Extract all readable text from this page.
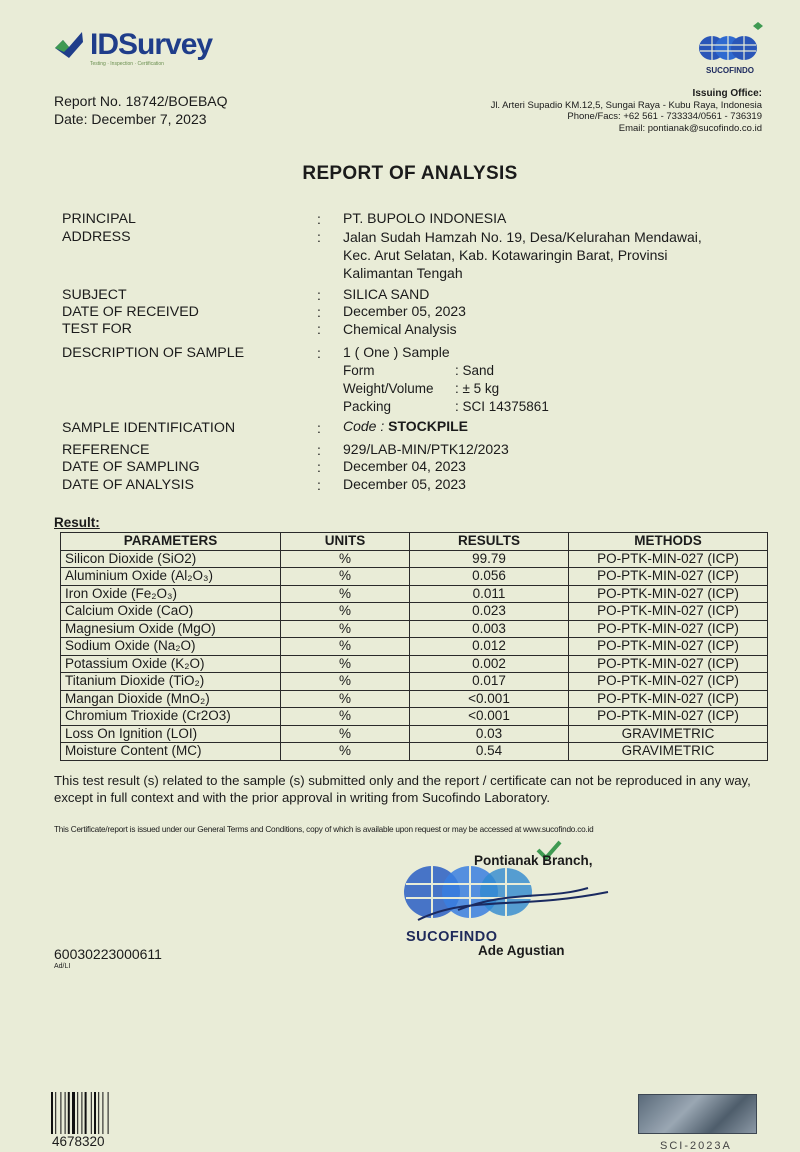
IDSurvey
Testing · Inspection · Certification
SUCOFINDO
Report No. 18742/BOEBAQ
Date: December 7, 2023
Issuing Office:
Jl. Arteri Supadio KM.12,5, Sungai Raya - Kubu Raya, Indonesia
Phone/Facs: +62 561 - 733334/0561 - 736319
Email: pontianak@sucofindo.co.id
REPORT OF ANALYSIS
PRINCIPAL	: PT. BUPOLO INDONESIA
ADDRESS	: Jalan Sudah Hamzah No. 19, Desa/Kelurahan Mendawai,
Kec. Arut Selatan, Kab. Kotawaringin Barat, Provinsi
Kalimantan Tengah
SUBJECT	: SILICA SAND
DATE OF RECEIVED	: December 05, 2023
TEST FOR	: Chemical Analysis
DESCRIPTION OF SAMPLE	: 1 ( One ) Sample
Form	: Sand
Weight/Volume	: ± 5 kg
Packing	: SCI 14375861
SAMPLE IDENTIFICATION	: Code : STOCKPILE
REFERENCE	: 929/LAB-MIN/PTK12/2023
DATE OF SAMPLING	: December 04, 2023
DATE OF ANALYSIS	: December 05, 2023
Result:
PARAMETERS	UNITS	RESULTS	METHODS
Silicon Dioxide (SiO2)	%	99.79	PO-PTK-MIN-027 (ICP)
Aluminium Oxide (Al₂O₃)	%	0.056	PO-PTK-MIN-027 (ICP)
Iron Oxide (Fe₂O₃)	%	0.011	PO-PTK-MIN-027 (ICP)
Calcium Oxide (CaO)	%	0.023	PO-PTK-MIN-027 (ICP)
Magnesium Oxide (MgO)	%	0.003	PO-PTK-MIN-027 (ICP)
Sodium Oxide (Na₂O)	%	0.012	PO-PTK-MIN-027 (ICP)
Potassium Oxide (K₂O)	%	0.002	PO-PTK-MIN-027 (ICP)
Titanium Dioxide (TiO₂)	%	0.017	PO-PTK-MIN-027 (ICP)
Mangan Dioxide (MnO₂)	%	<0.001	PO-PTK-MIN-027 (ICP)
Chromium Trioxide (Cr2O3)	%	<0.001	PO-PTK-MIN-027 (ICP)
Loss On Ignition (LOI)	%	0.03	GRAVIMETRIC
Moisture Content (MC)	%	0.54	GRAVIMETRIC
This test result (s) related to the sample (s) submitted only and the report / certificate can not be reproduced in any way, except in full context and with the prior approval in writing from Sucofindo Laboratory.
This Certificate/report is issued under our General Terms and Conditions, copy of which is available upon request or may be accessed at www.sucofindo.co.id
Pontianak Branch,
SUCOFINDO
Ade Agustian
60030223000611
Ad/LI
4678320	SCI-2023A
